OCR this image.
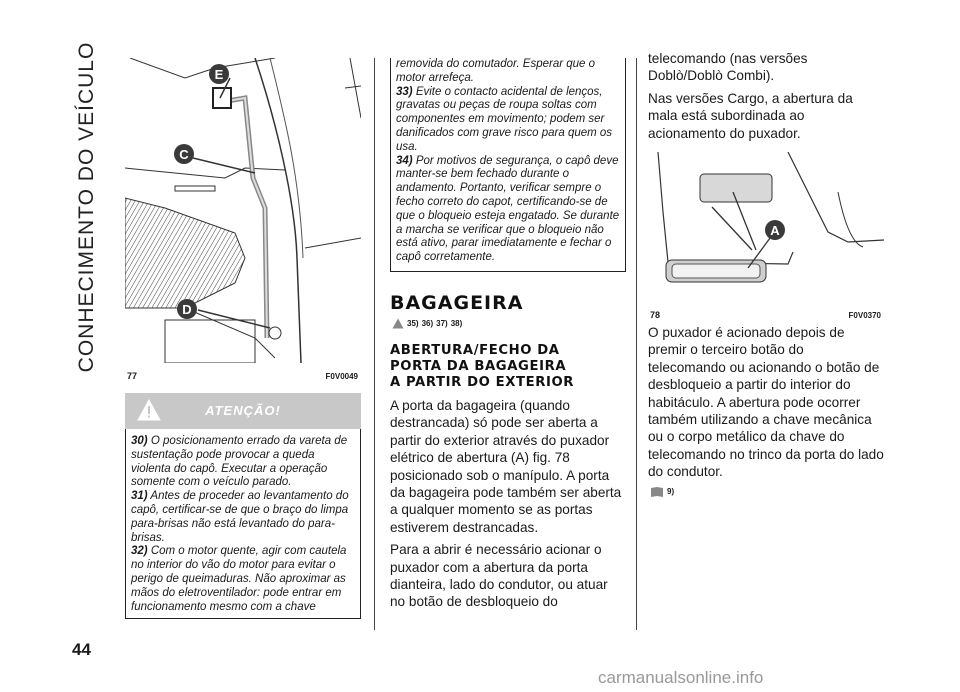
CONHECIMENTO DO VEÍCULO	E
C
D
77	F0V0049
ATENÇÃO!

30) O posicionamento errado da vareta de sustentação pode provocar a queda violenta do capô. Executar a operação somente com o veículo parado.

31) Antes de proceder ao levantamento do capô, certificar-se de que o braço do limpa para-brisas não está levantado do para-brisas.

32) Com o motor quente, agir com cautela no interior do vão do motor para evitar o perigo de queimaduras. Não aproximar as mãos do eletroventilador: pode entrar em funcionamento mesmo com a chave

removida do comutador. Esperar que o motor arrefeça.

33) Evite o contacto acidental de lenços, gravatas ou peças de roupa soltas com componentes em movimento; podem ser danificados com grave risco para quem os usa.

34) Por motivos de segurança, o capô deve manter-se bem fechado durante o andamento. Portanto, verificar sempre o fecho correto do capot, certificando-se de que o bloqueio esteja engatado. Se durante a marcha se verificar que o bloqueio não está ativo, parar imediatamente e fechar o capô corretamente.

BAGAGEIRA
35) 36) 37) 38)
ABERTURA/FECHO DA
PORTA DA BAGAGEIRA
A PARTIR DO EXTERIOR

A porta da bagageira (quando destrancada) só pode ser aberta a partir do exterior através do puxador elétrico de abertura (A) fig. 78 posicionado sob o manípulo. A porta da bagageira pode também ser aberta a qualquer momento se as portas estiverem destrancadas.

Para a abrir é necessário acionar o puxador com a abertura da porta dianteira, lado do condutor, ou atuar no botão de desbloqueio do

telecomando (nas versões Doblò/Doblò Combi).

Nas versões Cargo, a abertura da mala está subordinada ao acionamento do puxador.

A
78	F0V0370

O puxador é acionado depois de premir o terceiro botão do telecomando ou acionando o botão de desbloqueio a partir do interior do habitáculo. A abertura pode ocorrer também utilizando a chave mecânica ou o corpo metálico da chave do telecomando no trinco da porta do lado do condutor.

9)
44
carmanualsonline.info
